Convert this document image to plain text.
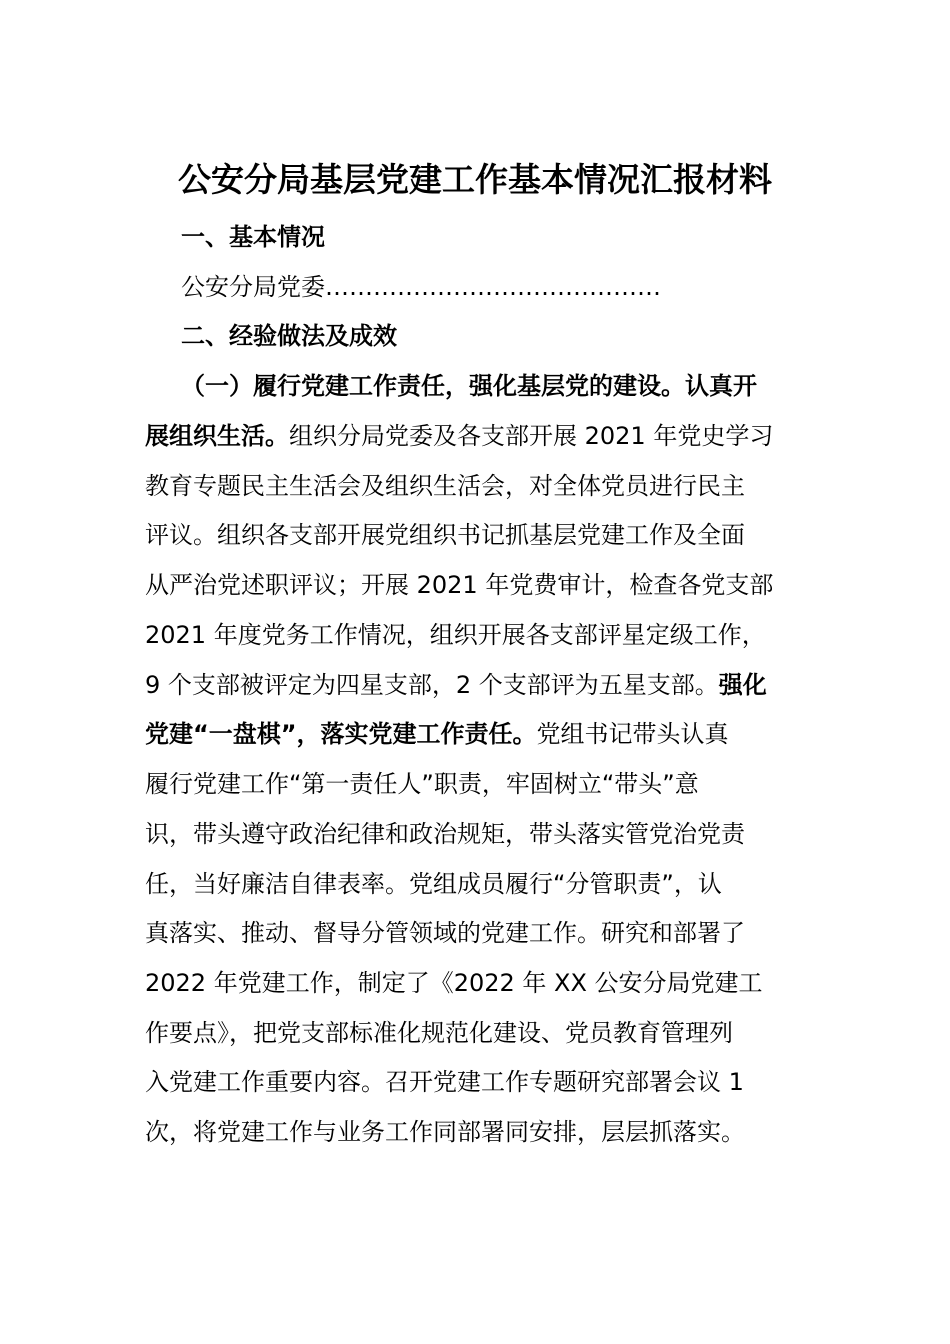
公安分局基层党建工作基本情况汇报材料
一、基本情况
公安分局党委……………………………………
二、经验做法及成效
（一）履行党建工作责任，强化基层党的建设。认真开
展组织生活。组织分局党委及各支部开展 2021 年党史学习
教育专题民主生活会及组织生活会，对全体党员进行民主
评议。组织各支部开展党组织书记抓基层党建工作及全面
从严治党述职评议；开展 2021 年党费审计，检查各党支部
2021 年度党务工作情况，组织开展各支部评星定级工作，
9 个支部被评定为四星支部，2 个支部评为五星支部。强化
党建“一盘棋”，落实党建工作责任。党组书记带头认真
履行党建工作“第一责任人”职责，牢固树立“带头”意
识，带头遵守政治纪律和政治规矩，带头落实管党治党责
任，当好廉洁自律表率。党组成员履行“分管职责”，认
真落实、推动、督导分管领域的党建工作。研究和部署了
2022 年党建工作，制定了《2022 年 XX 公安分局党建工
作要点》，把党支部标准化规范化建设、党员教育管理列
入党建工作重要内容。召开党建工作专题研究部署会议 1
次，将党建工作与业务工作同部署同安排，层层抓落实。
